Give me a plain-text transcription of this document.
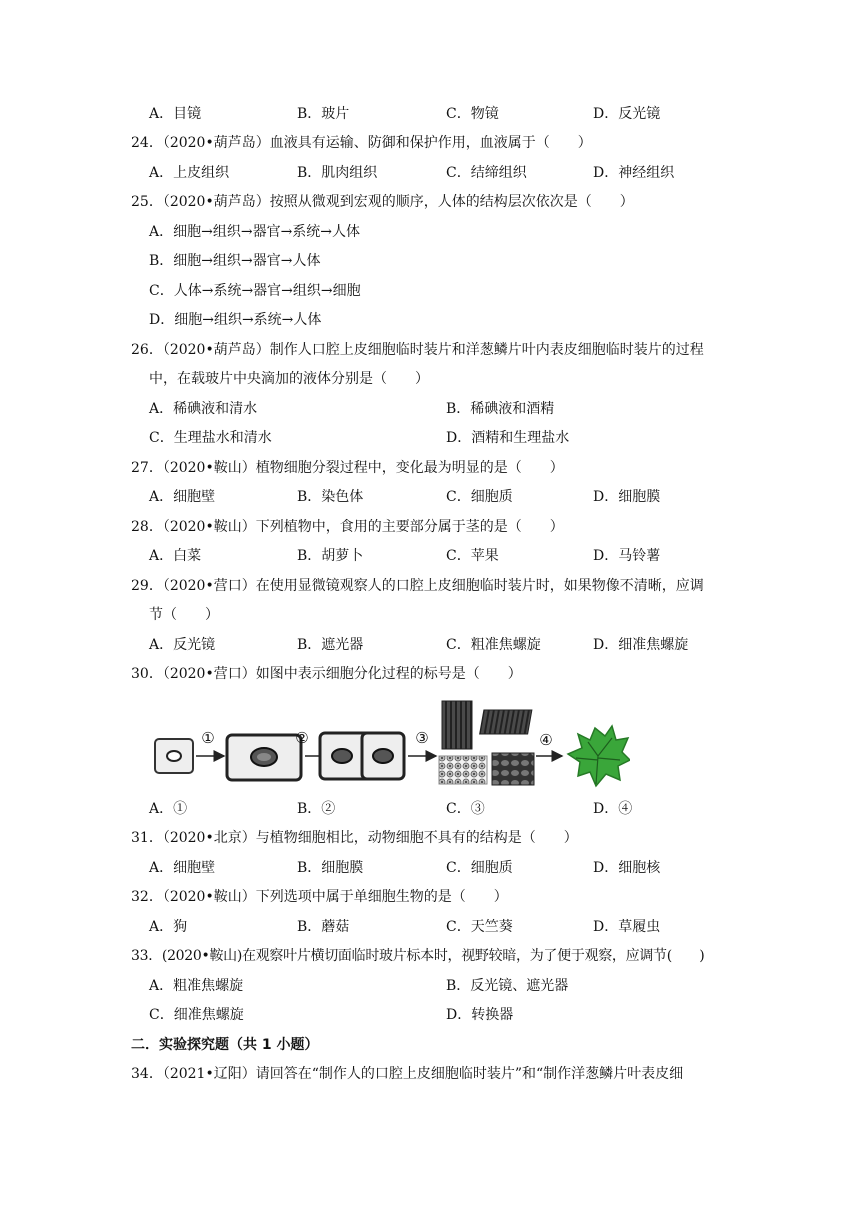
A．目镜	B．玻片	C．物镜	D．反光镜
24．（2020•葫芦岛）血液具有运输、防御和保护作用，血液属于（　　）
A．上皮组织	B．肌肉组织	C．结缔组织	D．神经组织
25．（2020•葫芦岛）按照从微观到宏观的顺序，人体的结构层次依次是（　　）
A．细胞→组织→器官→系统→人体
B．细胞→组织→器官→人体
C．人体→系统→器官→组织→细胞
D．细胞→组织→系统→人体
26．（2020•葫芦岛）制作人口腔上皮细胞临时装片和洋葱鳞片叶内表皮细胞临时装片的过程
中，在载玻片中央滴加的液体分别是（　　）
A．稀碘液和清水	B．稀碘液和酒精
C．生理盐水和清水	D．酒精和生理盐水
27．（2020•鞍山）植物细胞分裂过程中，变化最为明显的是（　　）
A．细胞壁	B．染色体	C．细胞质	D．细胞膜
28．（2020•鞍山）下列植物中，食用的主要部分属于茎的是（　　）
A．白菜	B．胡萝卜	C．苹果	D．马铃薯
29．（2020•营口）在使用显微镜观察人的口腔上皮细胞临时装片时，如果物像不清晰，应调
节（　　）
A．反光镜	B．遮光器	C．粗准焦螺旋	D．细准焦螺旋
30．（2020•营口）如图中表示细胞分化过程的标号是（　　）
①	②	③	④
A．①	B．②	C．③	D．④
31．（2020•北京）与植物细胞相比，动物细胞不具有的结构是（　　）
A．细胞壁	B．细胞膜	C．细胞质	D．细胞核
32．（2020•鞍山）下列选项中属于单细胞生物的是（　　）
A．狗	B．蘑菇	C．天竺葵	D．草履虫
33．(2020•鞍山)在观察叶片横切面临时玻片标本时，视野较暗，为了便于观察，应调节(　　)
A．粗准焦螺旋	B．反光镜、遮光器
C．细准焦螺旋	D．转换器
二．实验探究题（共 1 小题）
34．（2021•辽阳）请回答在“制作人的口腔上皮细胞临时装片”和“制作洋葱鳞片叶表皮细
